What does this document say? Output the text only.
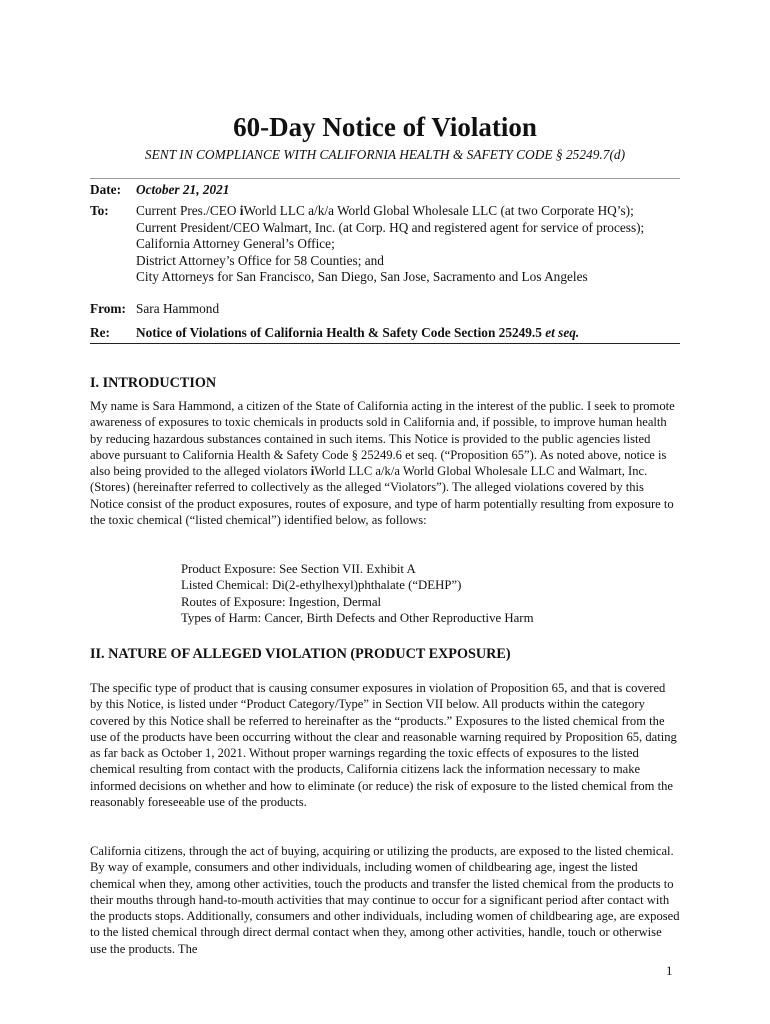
60-Day Notice of Violation

SENT IN COMPLIANCE WITH CALIFORNIA HEALTH & SAFETY CODE § 25249.7(d)

Date:	October 21, 2021
To:	Current Pres./CEO iWorld LLC a/k/a World Global Wholesale LLC (at two Corporate HQ’s);
Current President/CEO Walmart, Inc. (at Corp. HQ and registered agent for service of process);
California Attorney General’s Office;
District Attorney’s Office for 58 Counties; and
City Attorneys for San Francisco, San Diego, San Jose, Sacramento and Los Angeles
From: Sara Hammond
Re:	Notice of Violations of California Health & Safety Code Section 25249.5 et seq.
I. INTRODUCTION

My name is Sara Hammond, a citizen of the State of California acting in the interest of the public. I seek to promote awareness of exposures to toxic chemicals in products sold in California and, if possible, to improve human health by reducing hazardous substances contained in such items. This Notice is provided to the public agencies listed above pursuant to California Health & Safety Code § 25249.6 et seq. (“Proposition 65”). As noted above, notice is also being provided to the alleged violators iWorld LLC a/k/a World Global Wholesale LLC and Walmart, Inc. (Stores) (hereinafter referred to collectively as the alleged “Violators”). The alleged violations covered by this Notice consist of the product exposures, routes of exposure, and type of harm potentially resulting from exposure to the toxic chemical (“listed chemical”) identified below, as follows:

Product Exposure: See Section VII. Exhibit A
Listed Chemical: Di(2-ethylhexyl)phthalate (“DEHP”)
Routes of Exposure: Ingestion, Dermal
Types of Harm: Cancer, Birth Defects and Other Reproductive Harm
II. NATURE OF ALLEGED VIOLATION (PRODUCT EXPOSURE)

The specific type of product that is causing consumer exposures in violation of Proposition 65, and that is covered by this Notice, is listed under “Product Category/Type” in Section VII below. All products within the category covered by this Notice shall be referred to hereinafter as the “products.” Exposures to the listed chemical from the use of the products have been occurring without the clear and reasonable warning required by Proposition 65, dating as far back as October 1, 2021. Without proper warnings regarding the toxic effects of exposures to the listed chemical resulting from contact with the products, California citizens lack the information necessary to make informed decisions on whether and how to eliminate (or reduce) the risk of exposure to the listed chemical from the reasonably foreseeable use of the products.

California citizens, through the act of buying, acquiring or utilizing the products, are exposed to the listed chemical. By way of example, consumers and other individuals, including women of childbearing age, ingest the listed chemical when they, among other activities, touch the products and transfer the listed chemical from the products to their mouths through hand-to-mouth activities that may continue to occur for a significant period after contact with the products stops. Additionally, consumers and other individuals, including women of childbearing age, are exposed to the listed chemical through direct dermal contact when they, among other activities, handle, touch or otherwise use the products. The

1
